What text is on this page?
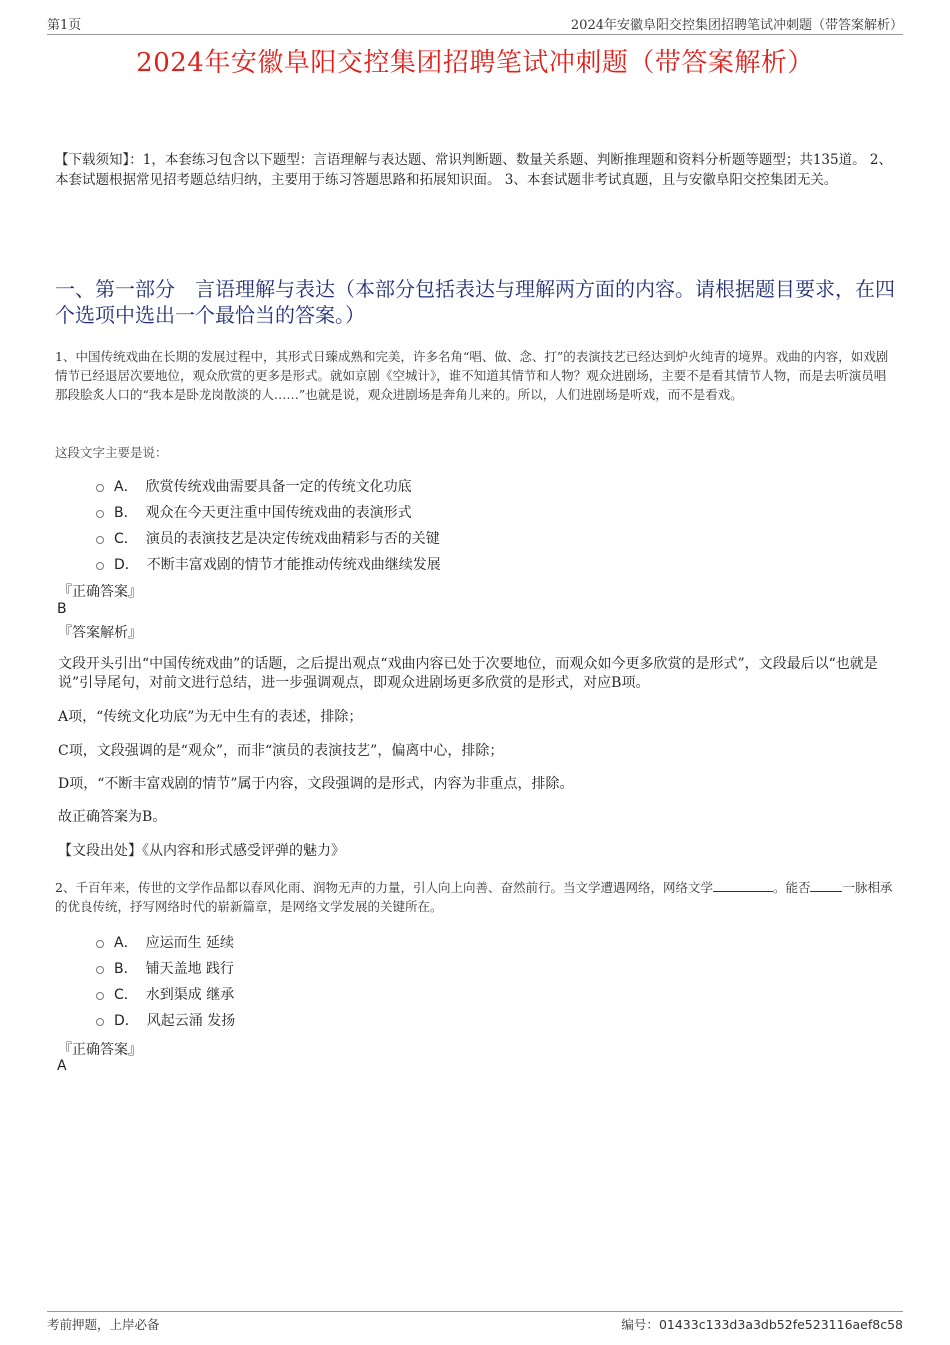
第1页	2024年安徽阜阳交控集团招聘笔试冲刺题（带答案解析）
2024年安徽阜阳交控集团招聘笔试冲刺题（带答案解析）
【下载须知】：1，本套练习包含以下题型：言语理解与表达题、常识判断题、数量关系题、判断推理题和资料分析题等题型；共135道。 2、本套试题根据常见招考题总结归纳，主要用于练习答题思路和拓展知识面。 3、本套试题非考试真题，且与安徽阜阳交控集团无关。
一、第一部分　言语理解与表达（本部分包括表达与理解两方面的内容。请根据题目要求，在四个选项中选出一个最恰当的答案。）
1、中国传统戏曲在长期的发展过程中，其形式日臻成熟和完美，许多名角“唱、做、念、打”的表演技艺已经达到炉火纯青的境界。戏曲的内容，如戏剧情节已经退居次要地位，观众欣赏的更多是形式。就如京剧《空城计》，谁不知道其情节和人物？观众进剧场，主要不是看其情节人物，而是去听演员唱那段脍炙人口的“我本是卧龙岗散淡的人……”也就是说，观众进剧场是奔角儿来的。所以，人们进剧场是听戏，而不是看戏。
这段文字主要是说：
A． 欣赏传统戏曲需要具备一定的传统文化功底
B． 观众在今天更注重中国传统戏曲的表演形式
C． 演员的表演技艺是决定传统戏曲精彩与否的关键
D． 不断丰富戏剧的情节才能推动传统戏曲继续发展
『正确答案』
B
『答案解析』
文段开头引出“中国传统戏曲”的话题，之后提出观点“戏曲内容已处于次要地位，而观众如今更多欣赏的是形式”，文段最后以“也就是说”引导尾句，对前文进行总结，进一步强调观点，即观众进剧场更多欣赏的是形式，对应B项。
A项，“传统文化功底”为无中生有的表述，排除；
C项，文段强调的是“观众”，而非“演员的表演技艺”，偏离中心，排除；
D项，“不断丰富戏剧的情节”属于内容，文段强调的是形式，内容为非重点，排除。
故正确答案为B。
【文段出处】《从内容和形式感受评弹的魅力》
2、千百年来，传世的文学作品都以春风化雨、润物无声的力量，引人向上向善、奋然前行。当文学遭遇网络，网络文学	。能否	一脉相承的优良传统，抒写网络时代的崭新篇章，是网络文学发展的关键所在。
A． 应运而生 延续
B． 铺天盖地 践行
C． 水到渠成 继承
D． 风起云涌 发扬
『正确答案』
A
考前押题，上岸必备	编号：01433c133d3a3db52fe523116aef8c58
